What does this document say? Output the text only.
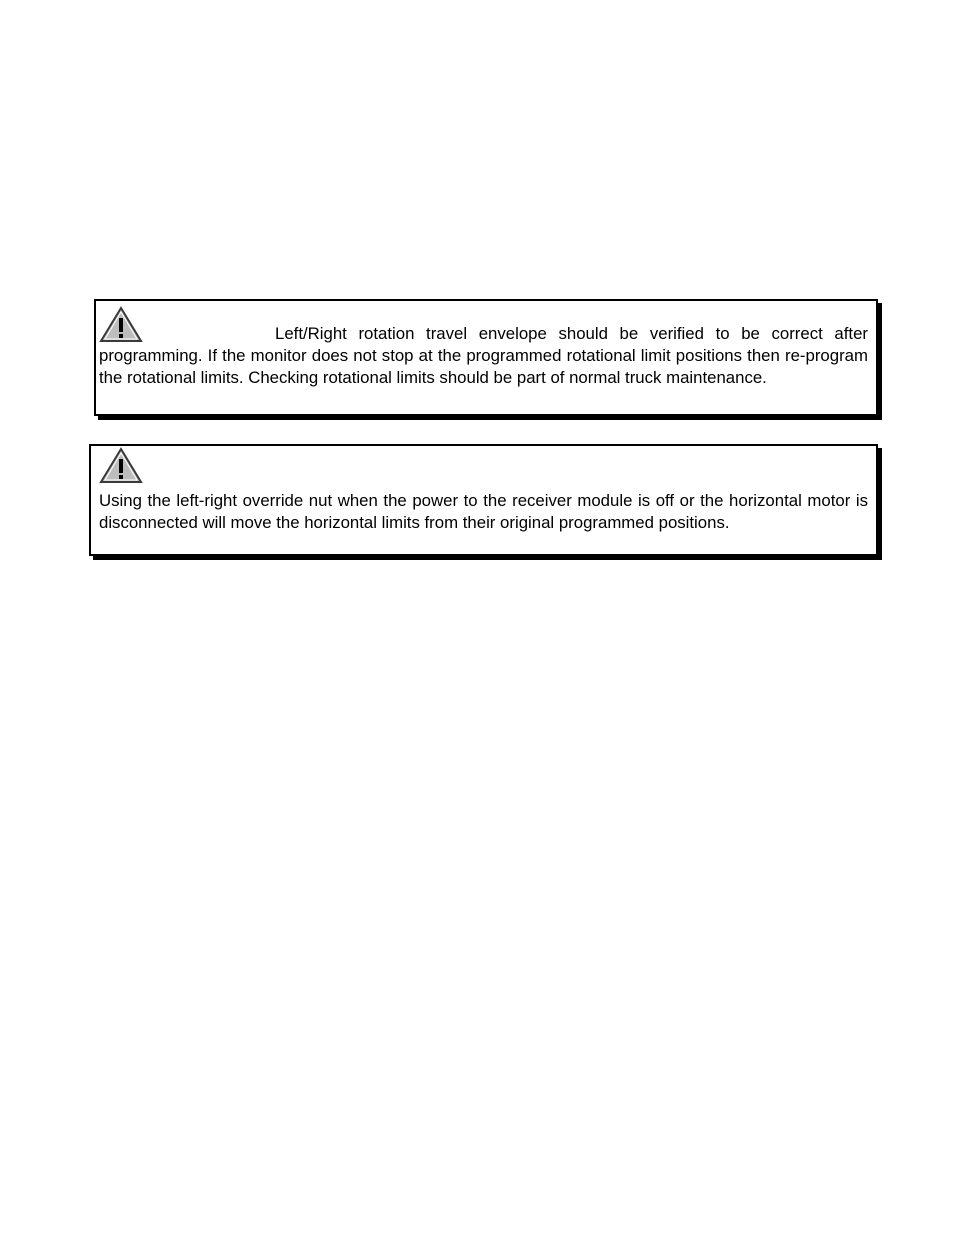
Left/Right rotation travel envelope should be verified to be correct after programming. If the monitor does not stop at the programmed rotational limit positions then re-program the rotational limits. Checking rotational limits should be part of normal truck maintenance.

Using the left-right override nut when the power to the receiver module is off or the horizontal motor is disconnected will move the horizontal limits from their original programmed positions.
